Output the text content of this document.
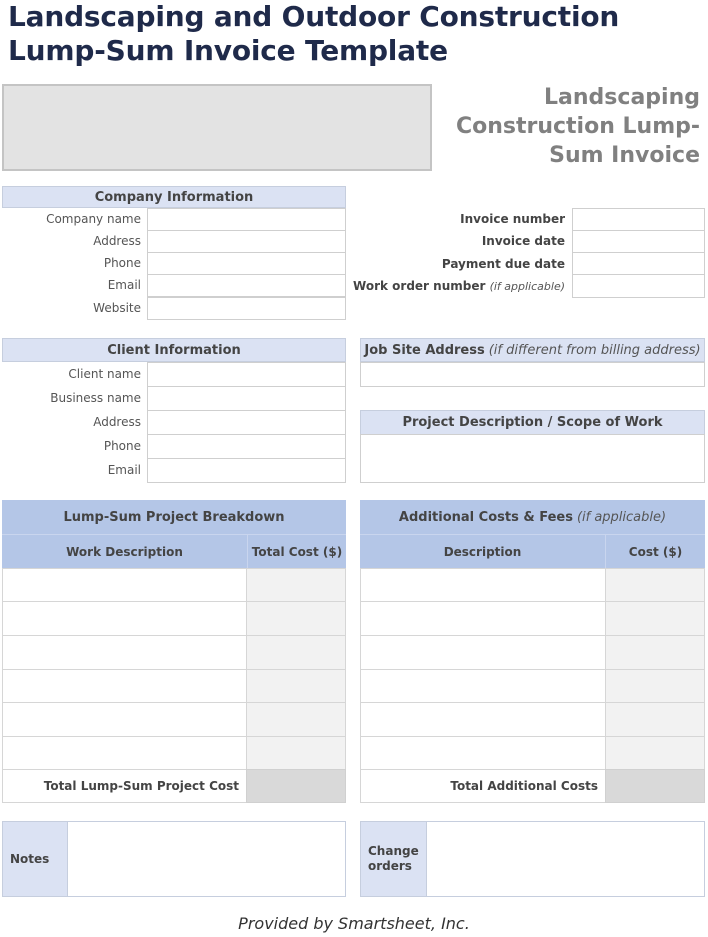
Landscaping and Outdoor Construction Lump-Sum Invoice Template
Landscaping
Construction Lump-
Sum Invoice
Company Information
Company name
Address
Phone
Email
Website
Invoice number
Invoice date
Payment due date
Work order number (if applicable)
Client Information
Client name
Business name
Address
Phone
Email
Job Site Address (if different from billing address)
Project Description / Scope of Work
Lump-Sum Project Breakdown
Work Description	Total Cost ($)
Total Lump-Sum Project Cost
Additional Costs & Fees (if applicable)
Description	Cost ($)
Total Additional Costs
Notes
Change
orders
Provided by Smartsheet, Inc.
